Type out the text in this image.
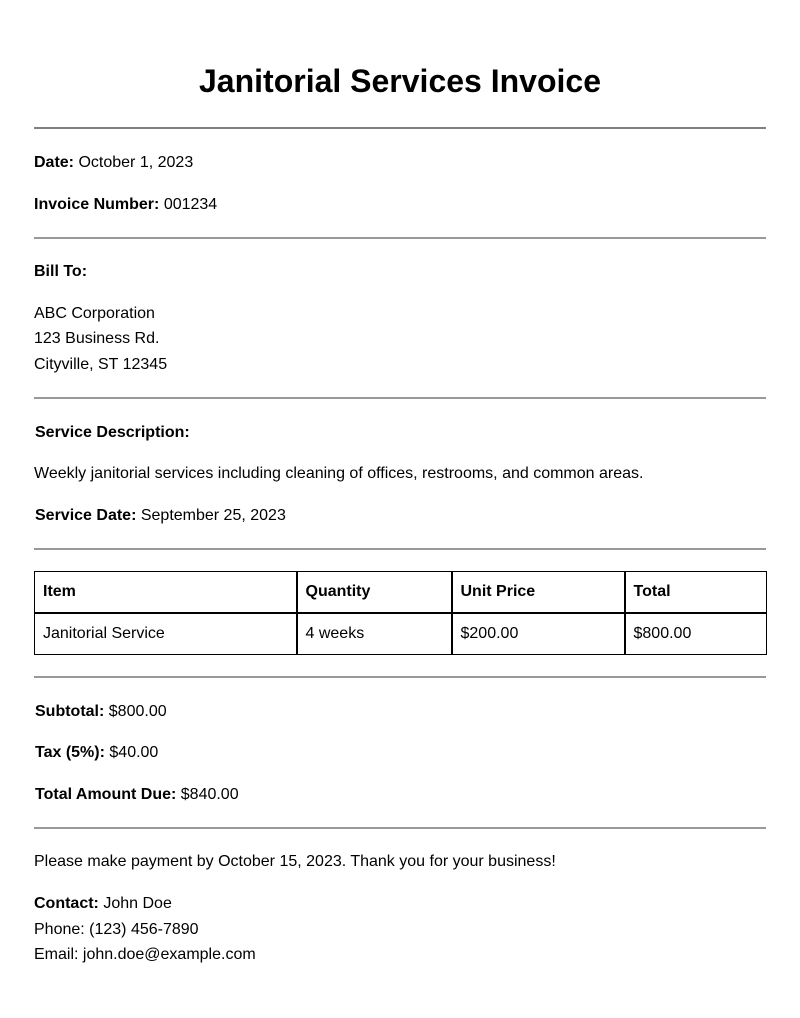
Janitorial Services Invoice
Date: October 1, 2023
Invoice Number: 001234
Bill To:
ABC Corporation
123 Business Rd.
Cityville, ST 12345
Service Description:
Weekly janitorial services including cleaning of offices, restrooms, and common areas.
Service Date: September 25, 2023
Item	Quantity	Unit Price	Total
Janitorial Service	4 weeks	$200.00	$800.00
Subtotal: $800.00
Tax (5%): $40.00
Total Amount Due: $840.00
Please make payment by October 15, 2023. Thank you for your business!
Contact: John Doe
Phone: (123) 456-7890
Email: john.doe@example.com
